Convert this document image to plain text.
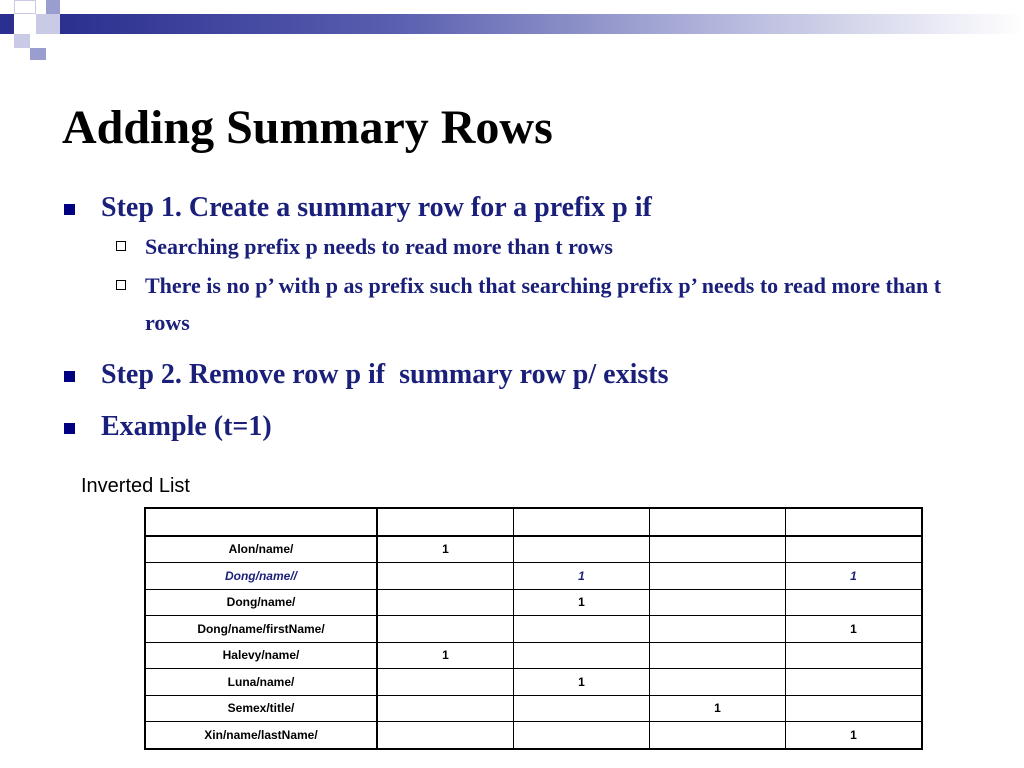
Adding Summary Rows
Step 1. Create a summary row for a prefix p if
Searching prefix p needs to read more than t rows
There is no p’ with p as prefix such that searching prefix p’ needs to read more than t rows
Step 2. Remove row p if  summary row p/ exists
Example (t=1)
Inverted List

Alon/name/	1			
Dong/name//		1		1
Dong/name/		1		
Dong/name/firstName/				1
Halevy/name/	1			
Luna/name/		1		
Semex/title/			1	
Xin/name/lastName/				1
